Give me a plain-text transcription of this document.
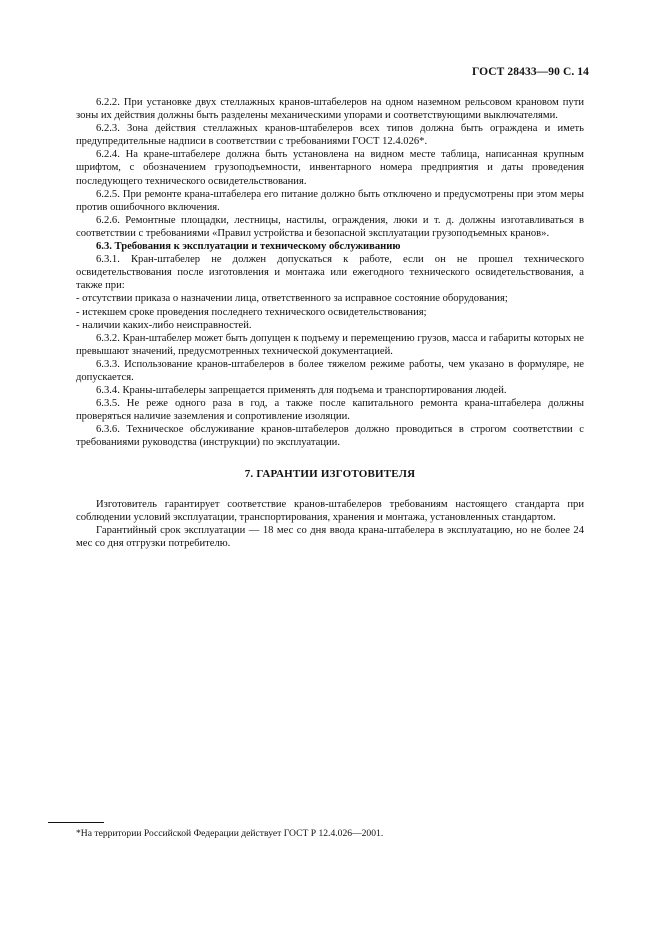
ГОСТ 28433—90 С. 14

6.2.2. При установке двух стеллажных кранов-штабелеров на одном наземном рельсовом крановом пути зоны их действия должны быть разделены механическими упорами и соответствующими выключателями.

6.2.3. Зона действия стеллажных кранов-штабелеров всех типов должна быть ограждена и иметь предупредительные надписи в соответствии с требованиями ГОСТ 12.4.026*.

6.2.4. На кране-штабелере должна быть установлена на видном месте таблица, написанная крупным шрифтом, с обозначением грузоподъемности, инвентарного номера предприятия и даты проведения последующего технического освидетельствования.

6.2.5. При ремонте крана-штабелера его питание должно быть отключено и предусмотрены при этом меры против ошибочного включения.

6.2.6. Ремонтные площадки, лестницы, настилы, ограждения, люки и т. д. должны изготавливаться в соответствии с требованиями «Правил устройства и безопасной эксплуатации грузоподъемных кранов».

6.3. Требования к эксплуатации и техническому обслуживанию

6.3.1. Кран-штабелер не должен допускаться к работе, если он не прошел технического освидетельствования после изготовления и монтажа или ежегодного технического освидетельствования, а также при:

- отсутствии приказа о назначении лица, ответственного за исправное состояние оборудования;

- истекшем сроке проведения последнего технического освидетельствования;

- наличии каких-либо неисправностей.

6.3.2. Кран-штабелер может быть допущен к подъему и перемещению грузов, масса и габариты которых не превышают значений, предусмотренных технической документацией.

6.3.3. Использование кранов-штабелеров в более тяжелом режиме работы, чем указано в формуляре, не допускается.

6.3.4. Краны-штабелеры запрещается применять для подъема и транспортирования людей.

6.3.5. Не реже одного раза в год, а также после капитального ремонта крана-штабелера должны проверяться наличие заземления и сопротивление изоляции.

6.3.6. Техническое обслуживание кранов-штабелеров должно проводиться в строгом соответствии с требованиями руководства (инструкции) по эксплуатации.

7. ГАРАНТИИ ИЗГОТОВИТЕЛЯ

Изготовитель гарантирует соответствие кранов-штабелеров требованиям настоящего стандарта при соблюдении условий эксплуатации, транспортирования, хранения и монтажа, установленных стандартом.

Гарантийный срок эксплуатации — 18 мес со дня ввода крана-штабелера в эксплуатацию, но не более 24 мес со дня отгрузки потребителю.

*На территории Российской Федерации действует ГОСТ Р 12.4.026—2001.
